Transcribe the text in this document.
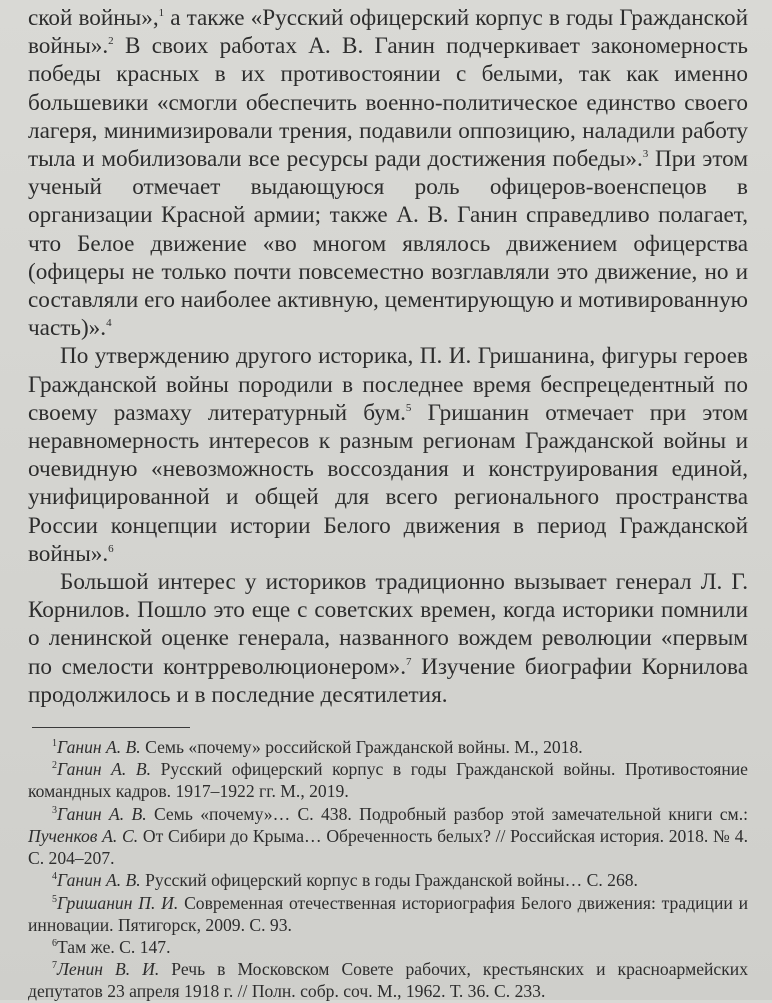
ской войны»,$^1$ а также «Русский офицерский корпус в годы Гражданской войны».$^2$ В своих работах А. В. Ганин подчеркивает закономерность победы красных в их противостоянии с белыми, так как именно большевики «смогли обеспечить военно-политическое единство своего лагеря, минимизировали трения, подавили оппозицию, наладили работу тыла и мобилизовали все ресурсы ради достижения победы».$^3$ При этом ученый отмечает выдающуюся роль офицеров-военспецов в организации Красной армии; также А. В. Ганин справедливо полагает, что Белое движение «во многом являлось движением офицерства (офицеры не только почти повсеместно возглавляли это движение, но и составляли его наиболее активную, цементирующую и мотивированную часть)».$^4$

По утверждению другого историка, П. И. Гришанина, фигуры героев Гражданской войны породили в последнее время беспрецедентный по своему размаху литературный бум.$^5$ Гришанин отмечает при этом неравномерность интересов к разным регионам Гражданской войны и очевидную «невозможность воссоздания и конструирования единой, унифицированной и общей для всего регионального пространства России концепции истории Белого движения в период Гражданской войны».$^6$

Большой интерес у историков традиционно вызывает генерал Л. Г. Корнилов. Пошло это еще с советских времен, когда историки помнили о ленинской оценке генерала, названного вождем революции «первым по смелости контрреволюционером».$^7$ Изучение биографии Корнилова продолжилось и в последние десятилетия.

$^1$Ганин А. В. Семь «почему» российской Гражданской войны. М., 2018.

$^2$Ганин А. В. Русский офицерский корпус в годы Гражданской войны. Противостояние командных кадров. 1917–1922 гг. М., 2019.

$^3$Ганин А. В. Семь «почему»… С. 438. Подробный разбор этой замечательной книги см.: Пученков А. С. От Сибири до Крыма… Обреченность белых? // Российская история. 2018. № 4. С. 204–207.

$^4$Ганин А. В. Русский офицерский корпус в годы Гражданской войны… С. 268.

$^5$Гришанин П. И. Современная отечественная историография Белого движения: традиции и инновации. Пятигорск, 2009. С. 93.

$^6$Там же. С. 147.

$^7$Ленин В. И. Речь в Московском Совете рабочих, крестьянских и красноармейских депутатов 23 апреля 1918 г. // Полн. собр. соч. М., 1962. Т. 36. С. 233.
